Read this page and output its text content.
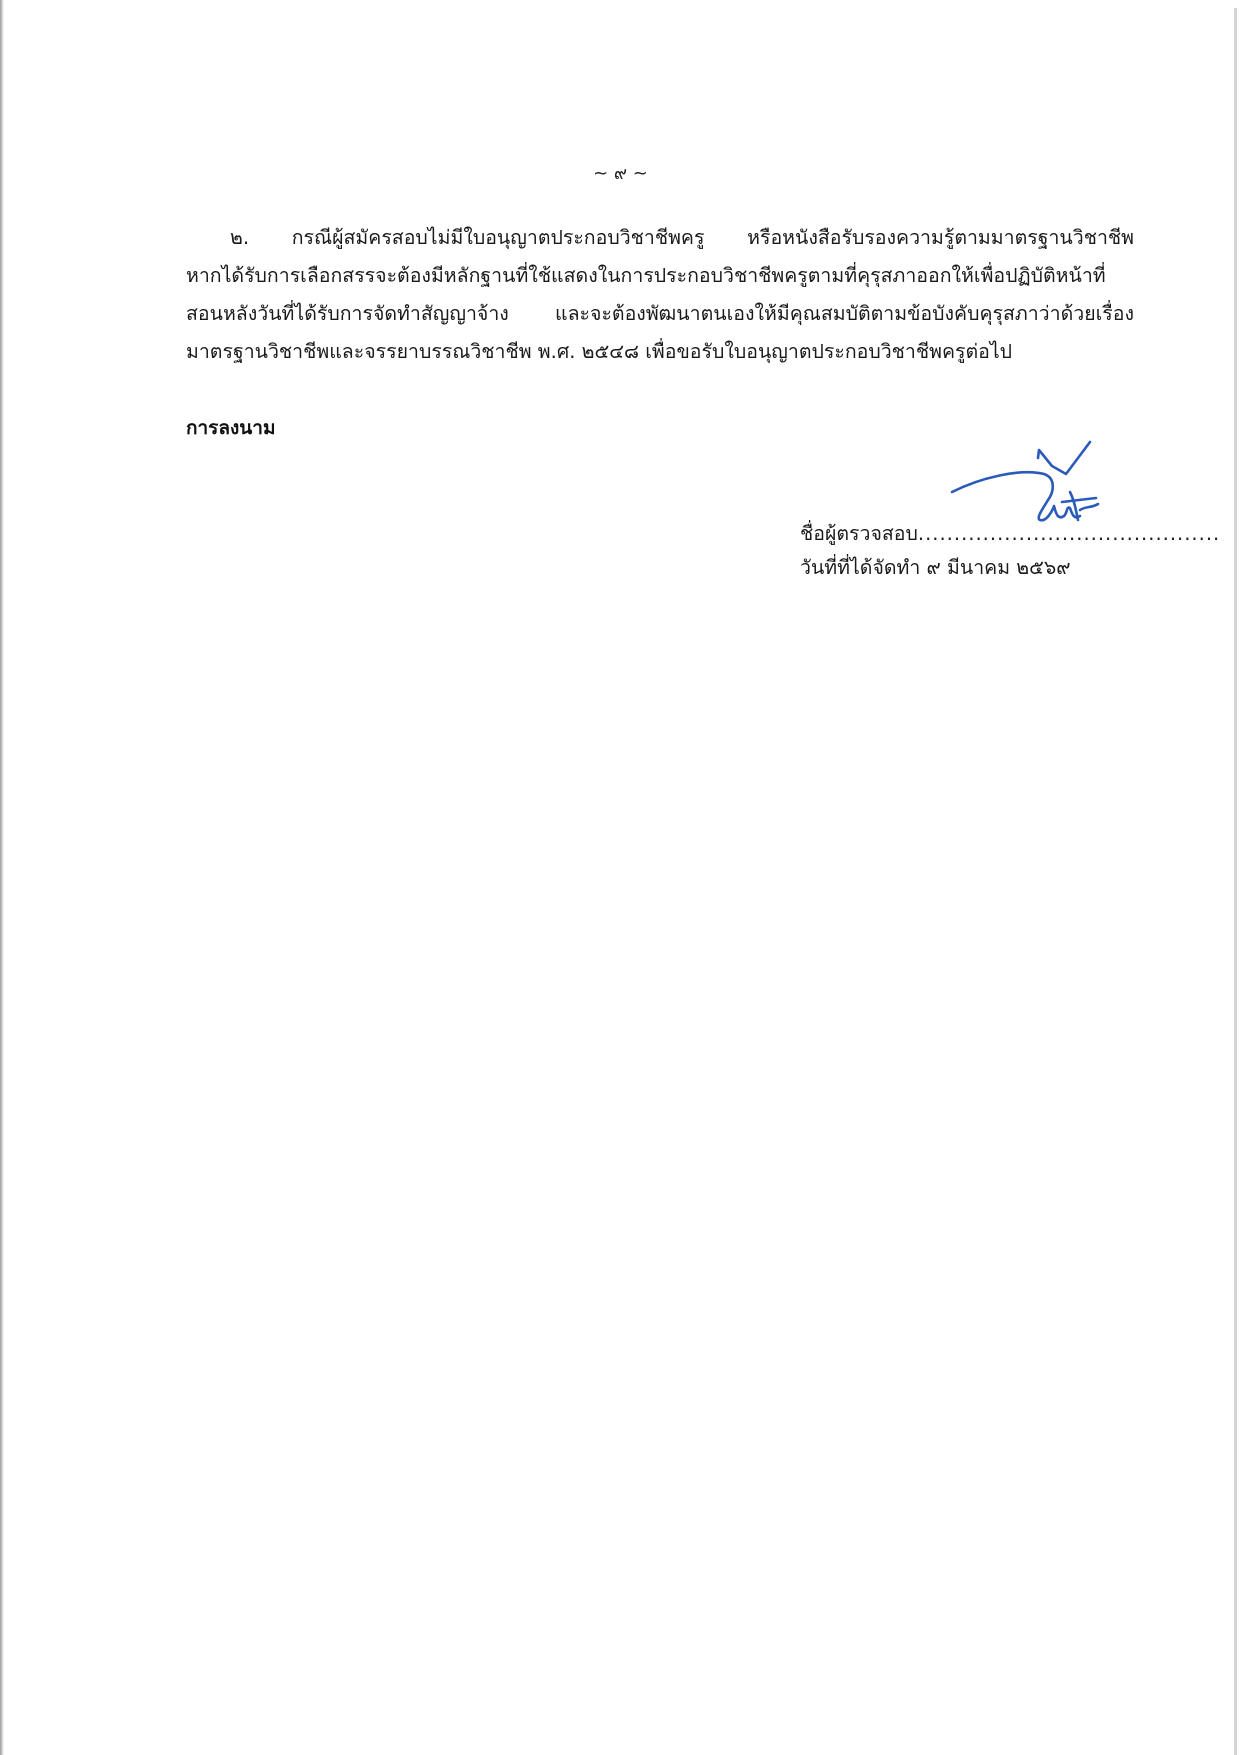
~ ๙ ~
๒. กรณีผู้สมัครสอบไม่มีใบอนุญาตประกอบวิชาชีพครู หรือหนังสือรับรองความรู้ตามมาตรฐานวิชาชีพ
หากได้รับการเลือกสรรจะต้องมีหลักฐานที่ใช้แสดงในการประกอบวิชาชีพครูตามที่คุรุสภาออกให้เพื่อปฏิบัติหน้าที่
สอนหลังวันที่ได้รับการจัดทำสัญญาจ้าง และจะต้องพัฒนาตนเองให้มีคุณสมบัติตามข้อบังคับคุรุสภาว่าด้วยเรื่อง
มาตรฐานวิชาชีพและจรรยาบรรณวิชาชีพ พ.ศ. ๒๕๔๘ เพื่อขอรับใบอนุญาตประกอบวิชาชีพครูต่อไป
การลงนาม
ชื่อผู้ตรวจสอบ..........................................
วันที่ที่ได้จัดทำ ๙ มีนาคม ๒๕๖๙
